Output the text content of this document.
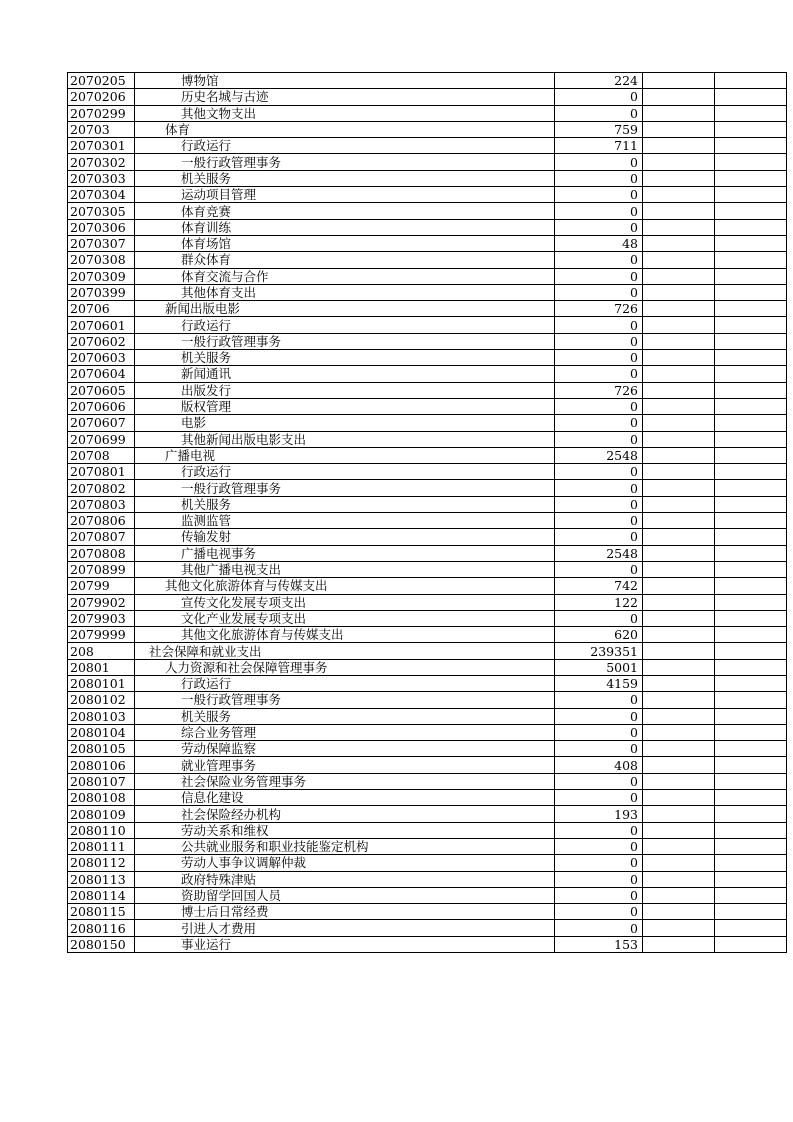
2070205	博物馆	224		
2070206	历史名城与古迹	0		
2070299	其他文物支出	0		
20703	体育	759		
2070301	行政运行	711		
2070302	一般行政管理事务	0		
2070303	机关服务	0		
2070304	运动项目管理	0		
2070305	体育竞赛	0		
2070306	体育训练	0		
2070307	体育场馆	48		
2070308	群众体育	0		
2070309	体育交流与合作	0		
2070399	其他体育支出	0		
20706	新闻出版电影	726		
2070601	行政运行	0		
2070602	一般行政管理事务	0		
2070603	机关服务	0		
2070604	新闻通讯	0		
2070605	出版发行	726		
2070606	版权管理	0		
2070607	电影	0		
2070699	其他新闻出版电影支出	0		
20708	广播电视	2548		
2070801	行政运行	0		
2070802	一般行政管理事务	0		
2070803	机关服务	0		
2070806	监测监管	0		
2070807	传输发射	0		
2070808	广播电视事务	2548		
2070899	其他广播电视支出	0		
20799	其他文化旅游体育与传媒支出	742		
2079902	宣传文化发展专项支出	122		
2079903	文化产业发展专项支出	0		
2079999	其他文化旅游体育与传媒支出	620		
208	社会保障和就业支出	239351		
20801	人力资源和社会保障管理事务	5001		
2080101	行政运行	4159		
2080102	一般行政管理事务	0		
2080103	机关服务	0		
2080104	综合业务管理	0		
2080105	劳动保障监察	0		
2080106	就业管理事务	408		
2080107	社会保险业务管理事务	0		
2080108	信息化建设	0		
2080109	社会保险经办机构	193		
2080110	劳动关系和维权	0		
2080111	公共就业服务和职业技能鉴定机构	0		
2080112	劳动人事争议调解仲裁	0		
2080113	政府特殊津贴	0		
2080114	资助留学回国人员	0		
2080115	博士后日常经费	0		
2080116	引进人才费用	0		
2080150	事业运行	153		
